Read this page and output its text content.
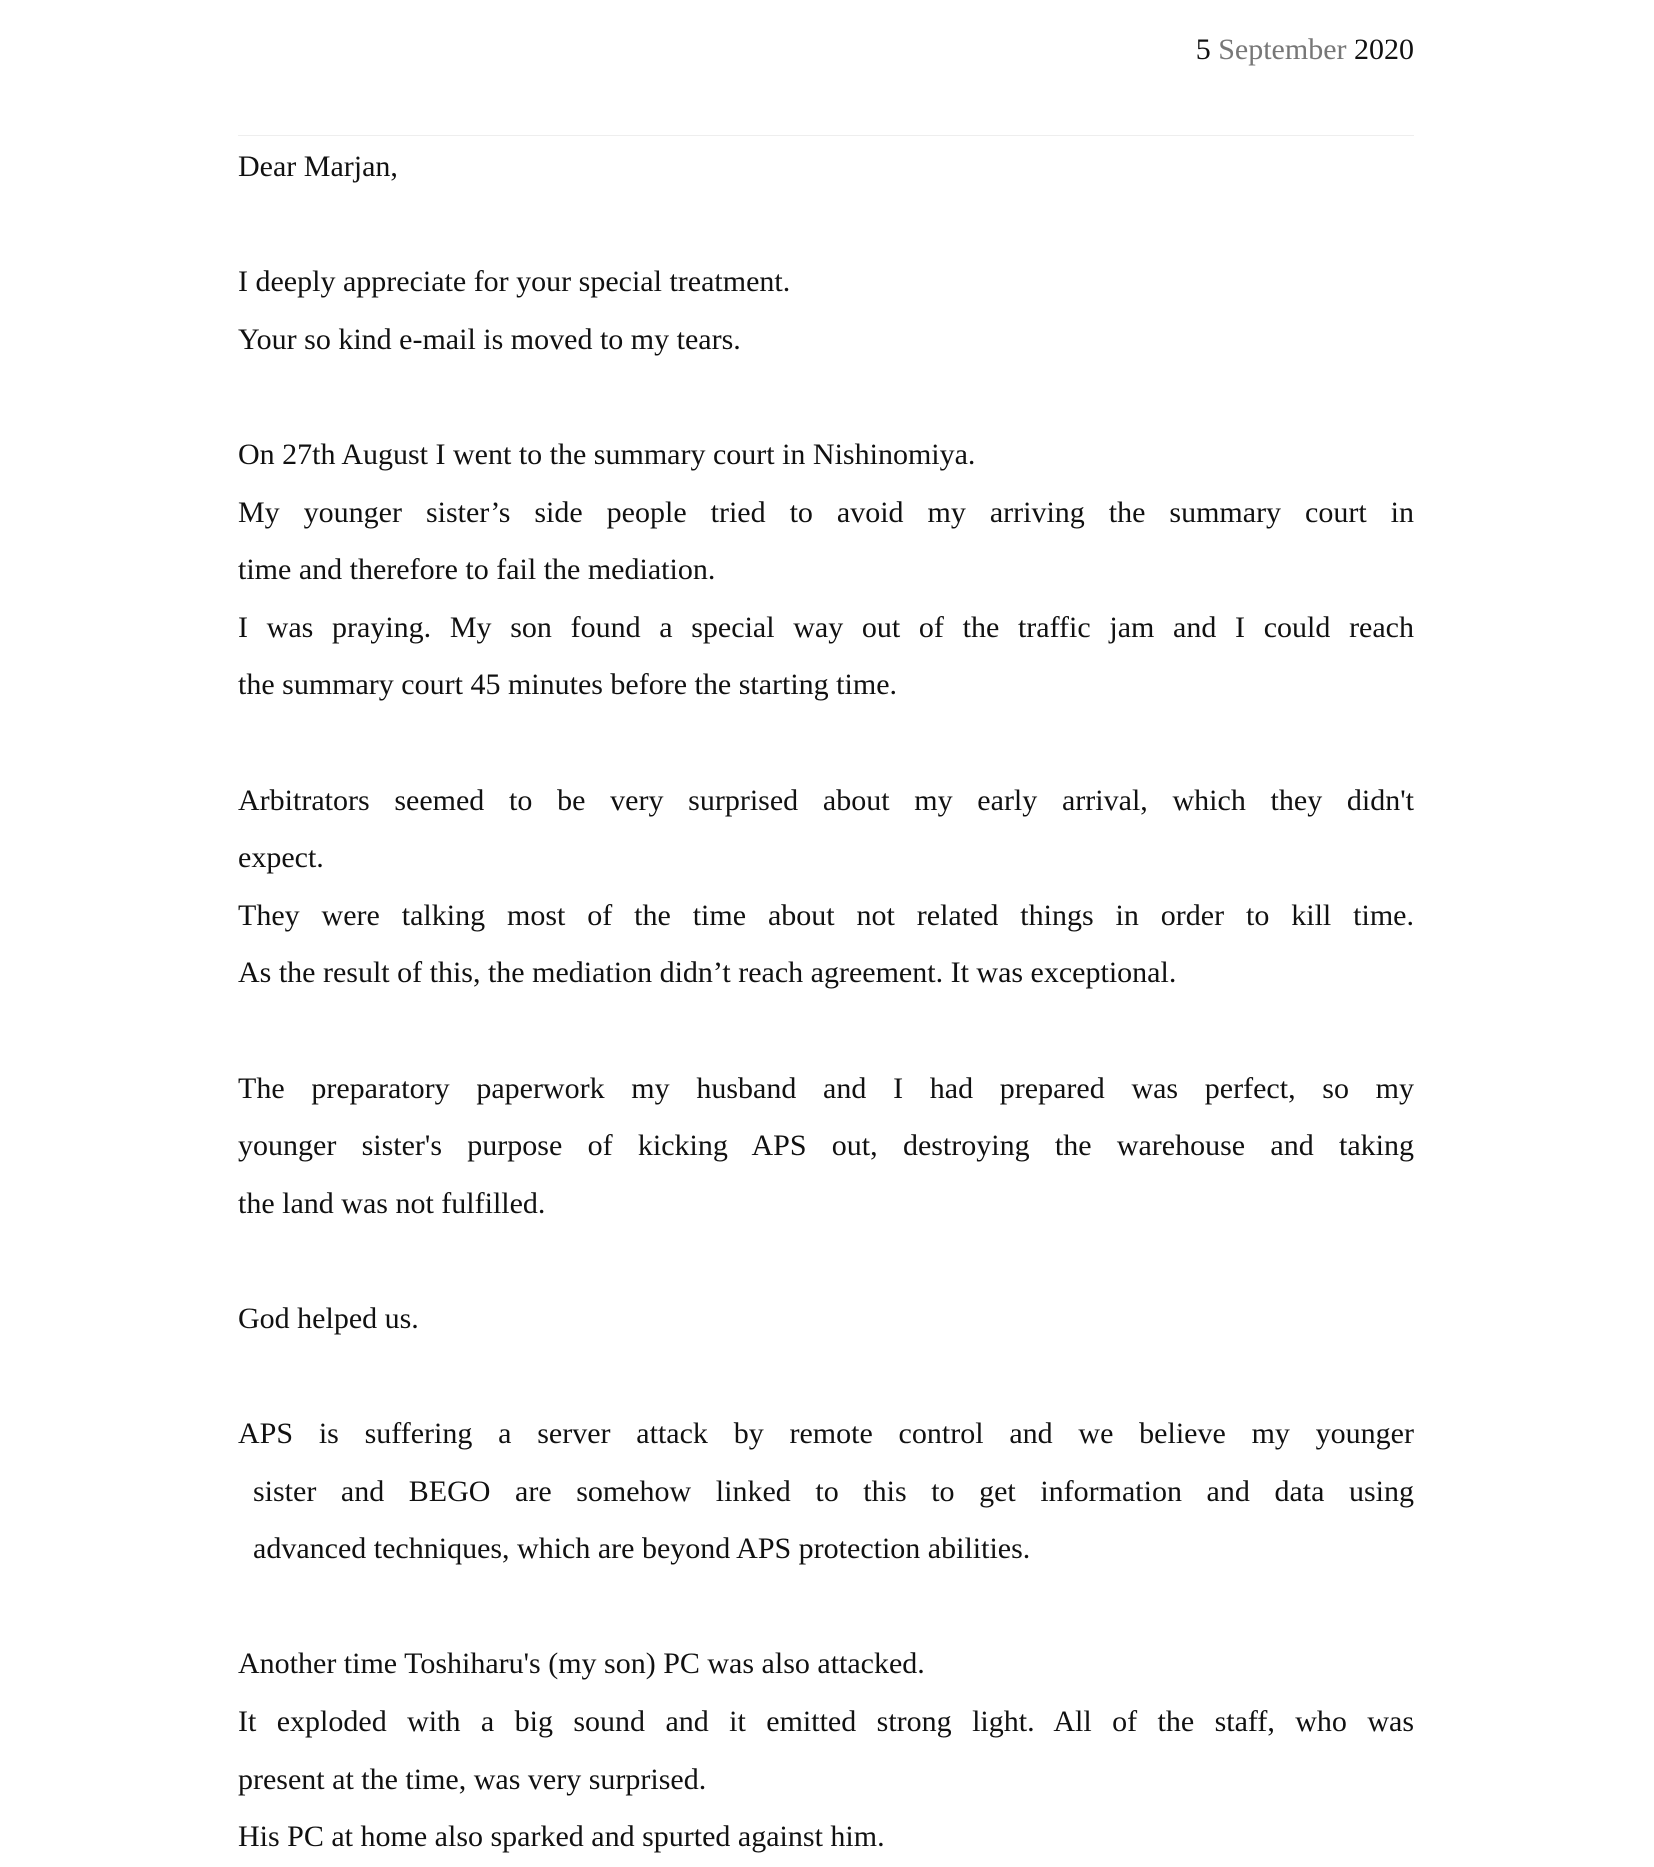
5 September 2020
Dear Marjan,
I deeply appreciate for your special treatment.
Your so kind e-mail is moved to my tears.
On 27th August I went to the summary court in Nishinomiya.
My younger sister’s side people tried to avoid my arriving the summary court in
time and therefore to fail the mediation.
I was praying. My son found a special way out of the traffic jam and I could reach
the summary court 45 minutes before the starting time.
Arbitrators seemed to be very surprised about my early arrival, which they didn't
expect.
They were talking most of the time about not related things in order to kill time.
As the result of this, the mediation didn’t reach agreement. It was exceptional.
The preparatory paperwork my husband and I had prepared was perfect, so my
younger sister's purpose of kicking APS out, destroying the warehouse and taking
the land was not fulfilled.
God helped us.
APS is suffering a server attack by remote control and we believe my younger
sister and BEGO are somehow linked to this to get information and data using
advanced techniques, which are beyond APS protection abilities.
Another time Toshiharu's (my son) PC was also attacked.
It exploded with a big sound and it emitted strong light. All of the staff, who was
present at the time, was very surprised.
His PC at home also sparked and spurted against him.
